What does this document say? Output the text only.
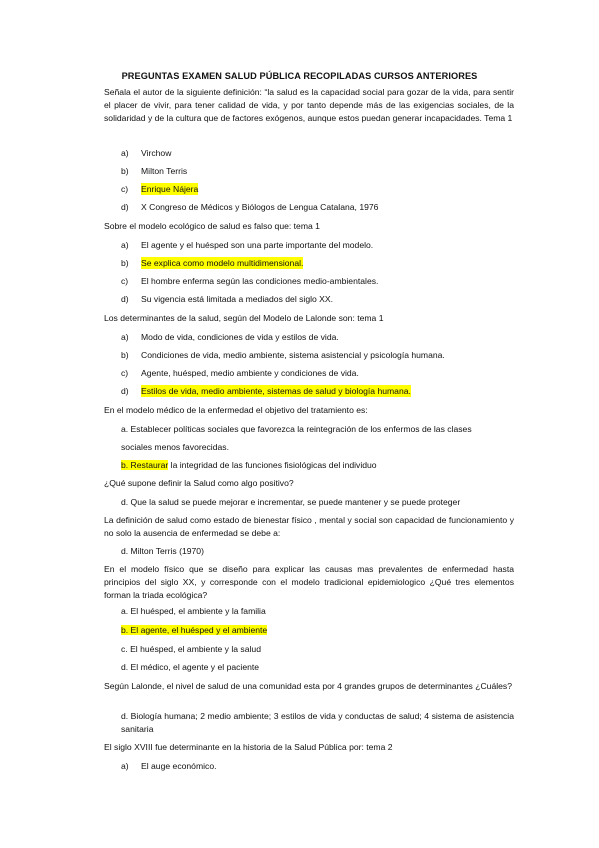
PREGUNTAS EXAMEN SALUD PÚBLICA RECOPILADAS CURSOS ANTERIORES
Señala el autor de la siguiente definición: “la salud es la capacidad social para gozar de la vida, para sentir el placer de vivir, para tener calidad de vida, y por tanto depende más de las exigencias sociales, de la solidaridad y de la cultura que de factores exógenos, aunque estos puedan generar incapacidades. Tema 1
a) Virchow
b) Milton Terris
c) Enrique Nájera
d) X Congreso de Médicos y Biólogos de Lengua Catalana, 1976
Sobre el modelo ecológico de salud es falso que: tema 1
a) El agente y el huésped son una parte importante del modelo.
b) Se explica como modelo multidimensional.
c) El hombre enferma según las condiciones medio-ambientales.
d) Su vigencia está limitada a mediados del siglo XX.
Los determinantes de la salud, según del Modelo de Lalonde son: tema 1
a) Modo de vida, condiciones de vida y estilos de vida.
b) Condiciones de vida, medio ambiente, sistema asistencial y psicología humana.
c) Agente, huésped, medio ambiente y condiciones de vida.
d) Estilos de vida, medio ambiente, sistemas de salud y biología humana.
En el modelo médico de la enfermedad el objetivo del tratamiento es:
a. Establecer políticas sociales que favorezca la reintegración de los enfermos de las clases
sociales menos favorecidas.
b. Restaurar la integridad de las funciones fisiológicas del individuo
¿Qué supone definir la Salud como algo positivo?
d. Que la salud se puede mejorar e incrementar, se puede mantener y se puede proteger
La definición de salud como estado de bienestar físico , mental y social son capacidad de funcionamiento y no solo la ausencia de enfermedad se debe a:
d. Milton Terris (1970)
En el modelo físico que se diseño para explicar las causas mas prevalentes de enfermedad hasta principios del siglo XX, y corresponde con el modelo tradicional epidemiologico ¿Qué tres elementos forman la triada ecológica?
a. El huésped, el ambiente y la familia
b. El agente, el huésped y el ambiente
c. El huésped, el ambiente y la salud
d. El médico, el agente y el paciente
Según Lalonde, el nivel de salud de una comunidad esta por 4 grandes grupos de determinantes ¿Cuáles?
d. Biología humana; 2 medio ambiente; 3 estilos de vida y conductas de salud; 4 sistema de asistencia sanitaria
El siglo XVIII fue determinante en la historia de la Salud Pública por: tema 2
a) El auge económico.
